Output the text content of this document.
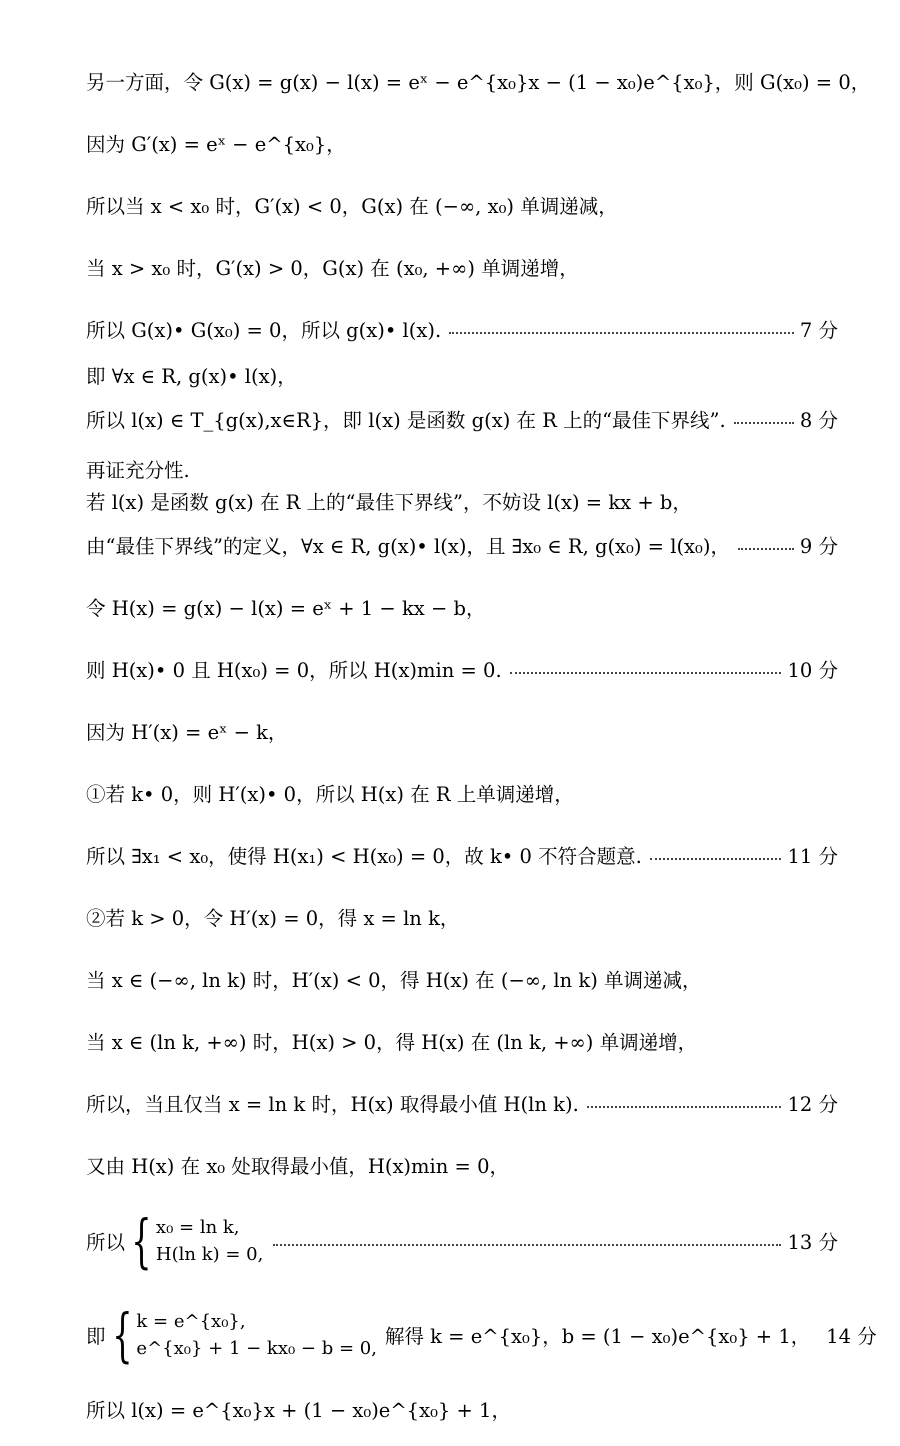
另一方面，令 G(x) = g(x) − l(x) = eˣ − e^{x₀}x − (1 − x₀)e^{x₀}，则 G(x₀) = 0，
因为 G′(x) = eˣ − e^{x₀}，
所以当 x < x₀ 时，G′(x) < 0，G(x) 在 (−∞, x₀) 单调递减，
当 x > x₀ 时，G′(x) > 0，G(x) 在 (x₀, +∞) 单调递增，
所以 G(x)• G(x₀) = 0，所以 g(x)• l(x).	7 分
即 ∀x ∈ R, g(x)• l(x)，
所以 l(x) ∈ T_{g(x),x∈R}，即 l(x) 是函数 g(x) 在 R 上的“最佳下界线”.	8 分
再证充分性.
若 l(x) 是函数 g(x) 在 R 上的“最佳下界线”，不妨设 l(x) = kx + b，
由“最佳下界线”的定义，∀x ∈ R, g(x)• l(x)，且 ∃x₀ ∈ R, g(x₀) = l(x₀)，	9 分
令 H(x) = g(x) − l(x) = eˣ + 1 − kx − b，
则 H(x)• 0 且 H(x₀) = 0，所以 H(x)min = 0.	10 分
因为 H′(x) = eˣ − k，
①若 k• 0，则 H′(x)• 0，所以 H(x) 在 R 上单调递增，
所以 ∃x₁ < x₀，使得 H(x₁) < H(x₀) = 0，故 k• 0 不符合题意.	11 分
②若 k > 0，令 H′(x) = 0，得 x = ln k，
当 x ∈ (−∞, ln k) 时，H′(x) < 0，得 H(x) 在 (−∞, ln k) 单调递减，
当 x ∈ (ln k, +∞) 时，H(x) > 0，得 H(x) 在 (ln k, +∞) 单调递增，
所以，当且仅当 x = ln k 时，H(x) 取得最小值 H(ln k).	12 分
又由 H(x) 在 x₀ 处取得最小值，H(x)min = 0，
所以 { x₀ = ln k,
H(ln k) = 0,
13 分
即 { k = e^{x₀},
e^{x₀} + 1 − kx₀ − b = 0,
解得 k = e^{x₀}，b = (1 − x₀)e^{x₀} + 1， 14 分
所以 l(x) = e^{x₀}x + (1 − x₀)e^{x₀} + 1，
